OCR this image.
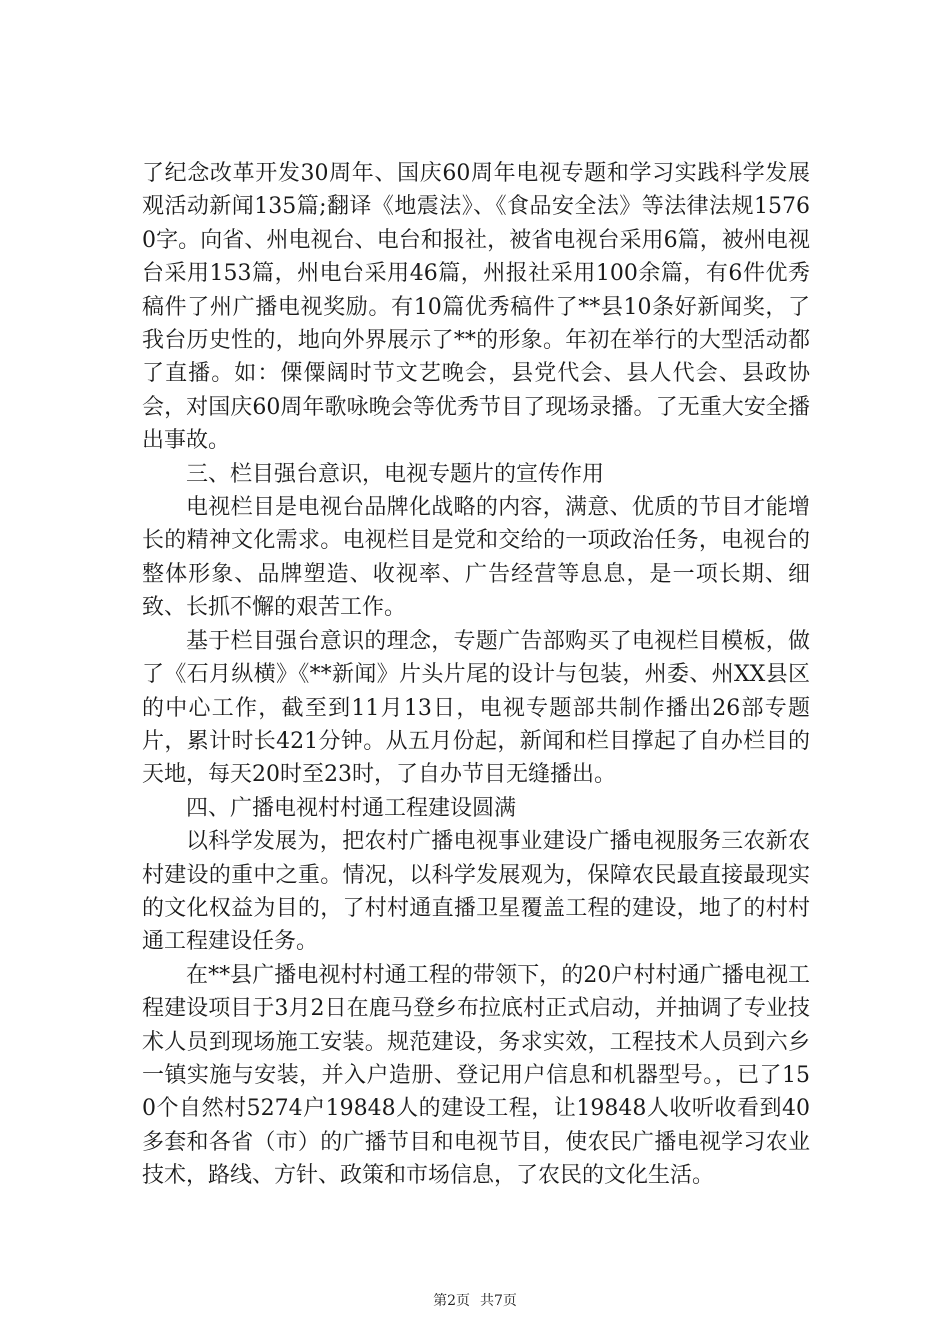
了纪念改革开发30周年、国庆60周年电视专题和学习实践科学发展观活动新闻135篇;翻译《地震法》、《食品安全法》等法律法规15760字。向省、州电视台、电台和报社，被省电视台采用6篇，被州电视台采用153篇，州电台采用46篇，州报社采用100余篇，有6件优秀稿件了州广播电视奖励。有10篇优秀稿件了**县10条好新闻奖，了我台历史性的，地向外界展示了**的形象。年初在举行的大型活动都了直播。如：傈僳阔时节文艺晚会，县党代会、县人代会、县政协会，对国庆60周年歌咏晚会等优秀节目了现场录播。了无重大安全播出事故。

三、栏目强台意识，电视专题片的宣传作用

电视栏目是电视台品牌化战略的内容，满意、优质的节目才能增长的精神文化需求。电视栏目是党和交给的一项政治任务，电视台的整体形象、品牌塑造、收视率、广告经营等息息，是一项长期、细致、长抓不懈的艰苦工作。

基于栏目强台意识的理念，专题广告部购买了电视栏目模板，做了《石月纵横》《**新闻》片头片尾的设计与包装，州委、州XX县区的中心工作，截至到11月13日，电视专题部共制作播出26部专题片，累计时长421分钟。从五月份起，新闻和栏目撑起了自办栏目的天地，每天20时至23时，了自办节目无缝播出。

四、广播电视村村通工程建设圆满

以科学发展为，把农村广播电视事业建设广播电视服务三农新农村建设的重中之重。情况，以科学发展观为，保障农民最直接最现实的文化权益为目的，了村村通直播卫星覆盖工程的建设，地了的村村通工程建设任务。

在**县广播电视村村通工程的带领下，的20户村村通广播电视工程建设项目于3月2日在鹿马登乡布拉底村正式启动，并抽调了专业技术人员到现场施工安装。规范建设，务求实效，工程技术人员到六乡一镇实施与安装，并入户造册、登记用户信息和机器型号。，已了150个自然村5274户19848人的建设工程，让19848人收听收看到40多套和各省（市）的广播节目和电视节目，使农民广播电视学习农业技术，路线、方针、政策和市场信息，了农民的文化生活。

第2页 共7页
